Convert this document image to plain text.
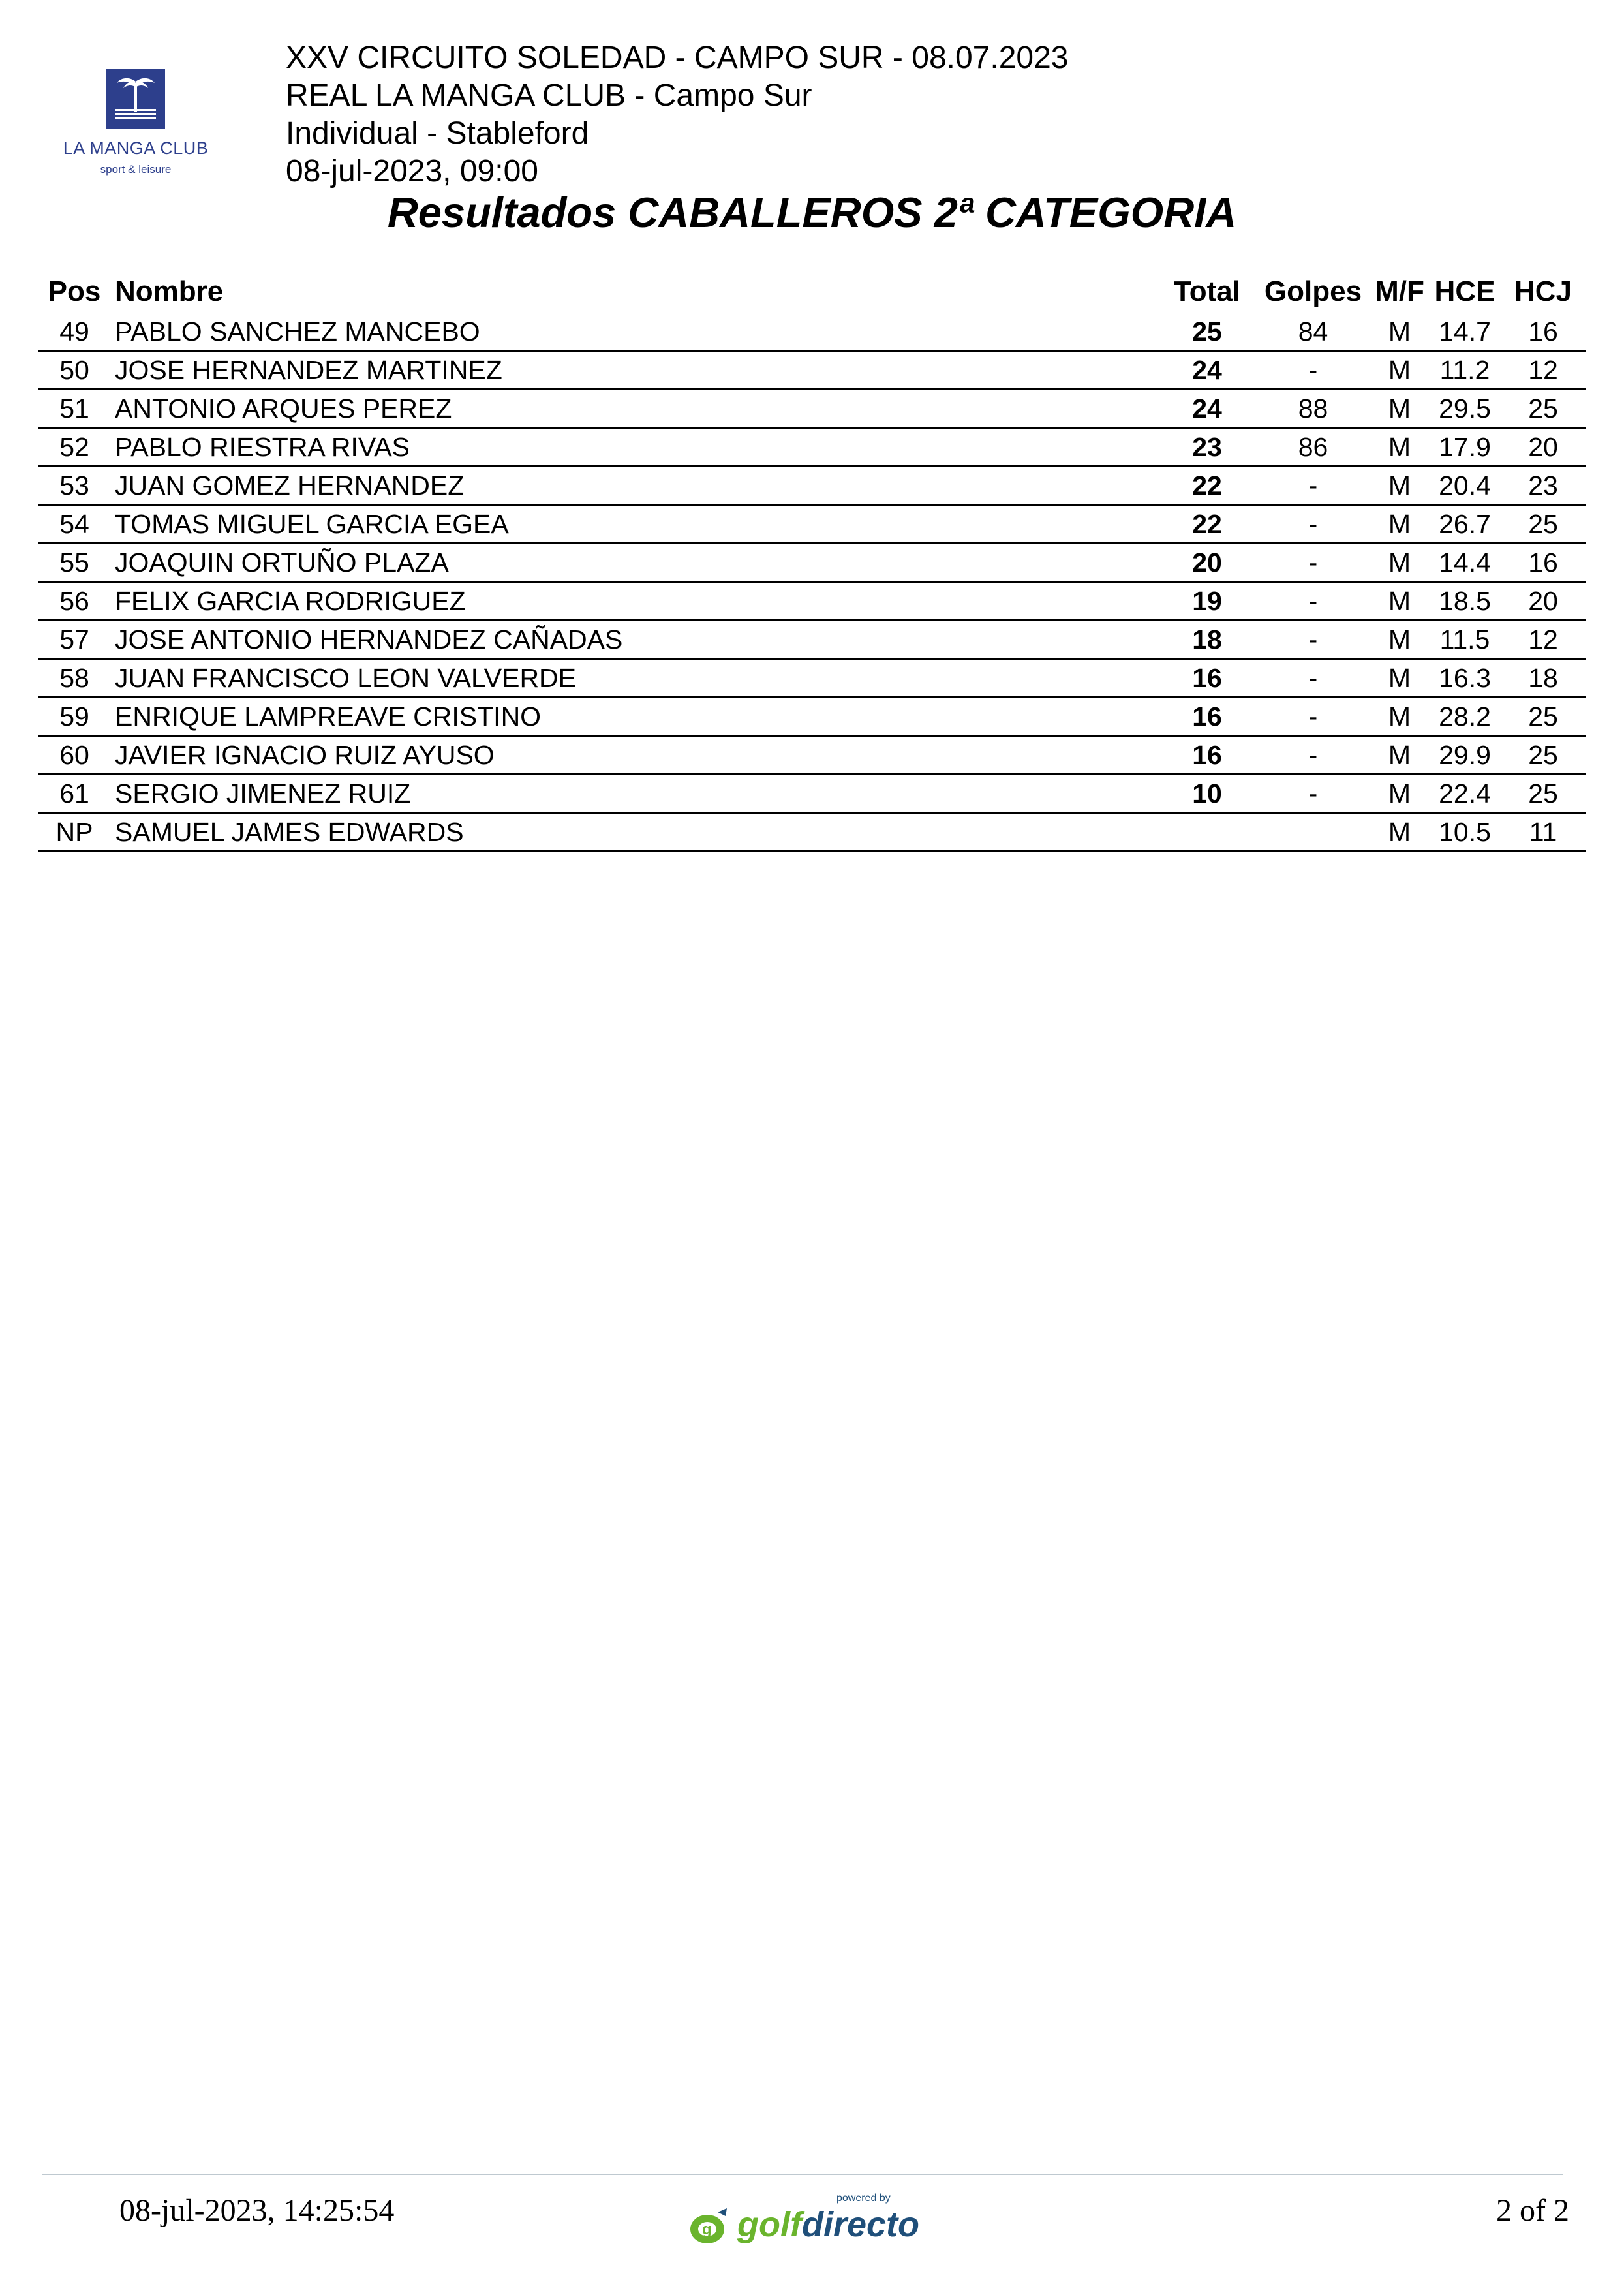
LA MANGA CLUB
sport & leisure
XXV CIRCUITO SOLEDAD - CAMPO SUR - 08.07.2023
REAL LA MANGA CLUB - Campo Sur
Individual - Stableford
08-jul-2023, 09:00
Resultados CABALLEROS 2ª CATEGORIA
Pos	Nombre	Total	Golpes	M/F	HCE	HCJ
49	PABLO SANCHEZ MANCEBO	25	84	M	14.7	16
50	JOSE HERNANDEZ MARTINEZ	24	-	M	11.2	12
51	ANTONIO ARQUES PEREZ	24	88	M	29.5	25
52	PABLO RIESTRA RIVAS	23	86	M	17.9	20
53	JUAN GOMEZ HERNANDEZ	22	-	M	20.4	23
54	TOMAS MIGUEL GARCIA EGEA	22	-	M	26.7	25
55	JOAQUIN ORTUÑO PLAZA	20	-	M	14.4	16
56	FELIX GARCIA RODRIGUEZ	19	-	M	18.5	20
57	JOSE ANTONIO HERNANDEZ CAÑADAS	18	-	M	11.5	12
58	JUAN FRANCISCO LEON VALVERDE	16	-	M	16.3	18
59	ENRIQUE LAMPREAVE CRISTINO	16	-	M	28.2	25
60	JAVIER IGNACIO RUIZ AYUSO	16	-	M	29.9	25
61	SERGIO JIMENEZ RUIZ	10	-	M	22.4	25
NP	SAMUEL JAMES EDWARDS			M	10.5	11
08-jul-2023, 14:25:54	powered by
g golfdirecto	2 of 2
